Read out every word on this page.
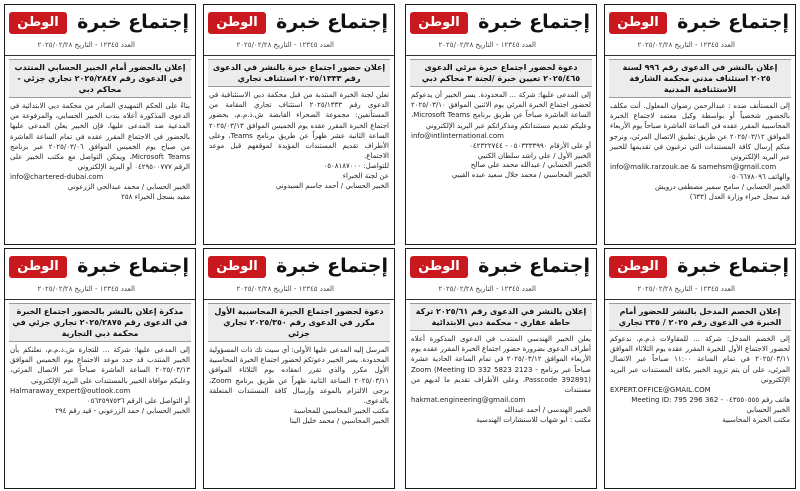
إجتماع خبرة
الوطن
العدد ١٢٣٤٥ - التاريخ ٢٠٢٥/٠٢/٢٨
إعلان بالنشر في الدعوى رقم ٩٩٦ لسنة ٢٠٢٥ استئناف مدني محكمة الشارقة الاستئنافية المدنية

إلى المستأنف ضده : عبدالرحمن رضوان المعلول. أنت مكلف بالحضور شخصياً أو بواسطة وكيل معتمد لاجتماع الخبرة المحاسبية المقرر عقده في الساعة العاشرة صباحاً يوم الأربعاء الموافق ٢٠٢٥/٠٣/١٢ عن طريق تطبيق الاتصال المرئي، ونرجو منكم إرسال كافة المستندات التي ترغبون في تقديمها للخبير عبر البريد الإلكتروني

info@malik.rarzouk.ae & samehsm@gmail.com
والهاتف ٠٥٠٦٦٧٨٠٩٦
الخبير الحسابي / سامح سمير مصطفى درويش
قيد سجل خبراء وزارة العدل (٦٣٣)
إجتماع خبرة
الوطن
العدد ١٢٣٤٥ - التاريخ ٢٠٢٥/٠٢/٢٨
دعوة لحضور اجتماع خبرة مرئي الدعوى ٢٠٢٥/٤٦٥ تعيين خبرة /لجنة ٣ محاكم دبي

إلى المدعى عليها: شركة ... المحدودة. يسر الخبير أن يدعوكم لحضور اجتماع الخبرة المرئي يوم الاثنين الموافق ٢٠٢٥/٠٣/١٠ الساعة العاشرة صباحاً عن طريق برنامج Microsoft Teams، وعليكم تقديم مستنداتكم ومذكراتكم عبر البريد الإلكتروني

info@intlinternational.com
أو على الأرقام ٠٥٠٣٣٣٣٩٩٠ - ٠٤٢٣٢٢٧٤٤
الخبير الأول / علي راشد سلطان الكتبي
الخبير الحسابي / عبدالله محمد علي صالح
الخبير المحاسبي / محمد جلال سعيد عبده القيبي
إجتماع خبرة
الوطن
العدد ١٢٣٤٥ - التاريخ ٢٠٢٥/٠٢/٢٨
إعلان حضور اجتماع خبرة بالنشر في الدعوى رقم ٢٠٢٥/١٣٣٣ استئناف تجاري

تعلن لجنة الخبرة المنتدبة من قبل محكمة دبي الاستئنافية في الدعوى رقم ٢٠٢٥/١٣٣٣ استئناف تجاري المقامة من المستأنفين: مجموعة الصحراء القابضة ش.ذ.م.م، بحضور اجتماع الخبرة المقرر عقده يوم الخميس الموافق ٢٠٢٥/٠٣/١٣ الساعة الثانية عشر ظهراً عن طريق برنامج Teams، وعلى الأطراف تقديم المستندات المؤيدة لموقفهم قبل موعد الاجتماع.

للتواصل: ٠٥٠٨١٨٧٠٠٠
عن لجنة الخبراء
الخبير الحسابي / أحمد جاسم السيدوني
إجتماع خبرة
الوطن
العدد ١٢٣٤٥ - التاريخ ٢٠٢٥/٠٢/٢٨
إعلان بالحضور أمام الخبير الحسابي المنتدب في الدعوى رقم ٢٠٢٥/٢٨٤٧ تجاري جزئي - محاكم دبي

بناءً على الحكم التمهيدي الصادر من محكمة دبي الابتدائية في الدعوى المذكورة أعلاه بندب الخبير الحسابي، والمرفوعة من المدعية ضد المدعى عليها، فإن الخبير يعلن المدعى عليها بالحضور في الاجتماع المقرر عقده في تمام الساعة العاشرة من صباح يوم الخميس الموافق ٢٠٢٥/٠٣/٠٦ عبر برنامج Microsoft Teams، ويمكن التواصل مع مكتب الخبير على الرقم ٠٤٢٩٥٠٠٧٧٧ أو البريد الإلكتروني

info@chartered-dubai.com
الخبير الحسابي / محمد عبدالحي الزرعوني
مقيد بسجل الخبراء ٢٥٨
إجتماع خبرة
الوطن
العدد ١٢٣٤٥ - التاريخ ٢٠٢٥/٠٢/٢٨
إعلان الخصم المدخل بالنشر للحضور أمام الخبرة في الدعوى رقم ٢٠٢٥ / ٢٣٥ تجاري

إلى الخصم المدخل: شركة ... للمقاولات ذ.م.م، ندعوكم لحضور الاجتماع الأول للخبرة المقرر عقده يوم الثلاثاء الموافق ٢٠٢٥/٠٣/١١ في تمام الساعة ١١:٠٠ صباحاً عبر الاتصال المرئي، على أن يتم تزويد الخبير بكافة المستندات عبر البريد الإلكتروني

EXPERT.OFFICE@GMAIL.COM
هاتف رقم ٠٤٣٥٥٠٥٥٥ - Meeting ID: 795 296 362
الخبير الحسابي
مكتب الخبرة المحاسبية
إجتماع خبرة
الوطن
العدد ١٢٣٤٥ - التاريخ ٢٠٢٥/٠٢/٢٨
إعلان بالنشر في الدعوى رقم ٢٠٢٥/٦١ تركة حاطة عقاري - محكمة دبي الابتدائية

يعلن الخبير الهندسي المنتدب في الدعوى المذكورة أعلاه أطراف الدعوى بضرورة حضور اجتماع الخبرة المقرر عقده يوم الأربعاء الموافق ٢٠٢٥/٠٣/١٢ في تمام الساعة الحادية عشرة صباحاً عبر برنامج Zoom (Meeting ID 332 5823 2123 - Passcode 392891)، وعلى الأطراف تقديم ما لديهم من مستندات

hakmat.engineering@gmail.com
الخبير الهندسي / أحمد عبدالله
مكتب : ابو شهاب للاستشارات الهندسية
إجتماع خبرة
الوطن
العدد ١٢٣٤٥ - التاريخ ٢٠٢٥/٠٢/٢٨
دعوة لحضور اجتماع الخبرة المحاسبية الأول مكرر في الدعوى رقم ٢٠٢٥/٣٥٠ تجاري جزئي

المرسل إليه المدعى عليها الأولى: أي سيت تك ذات المسؤولية المحدودة. يسر الخبير دعوتكم لحضور اجتماع الخبرة المحاسبية الأول مكرر والذي تقرر انعقاده يوم الثلاثاء الموافق ٢٠٢٥/٠٣/١١ الساعة الثانية ظهراً عن طريق برنامج Zoom، يرجى الالتزام بالموعد وإرسال كافة المستندات المتعلقة بالدعوى.

مكتب الخبير المحاسبي للمحاسبة
الخبير المحاسبي / محمد خليل البنا
إجتماع خبرة
الوطن
العدد ١٢٣٤٥ - التاريخ ٢٠٢٥/٠٢/٢٨
مذكرة إعلان بالنشر بالحضور اجتماع الخبرة في الدعوى رقم ٢٠٢٥/٢٨٧٥ تجاري جزئي في محكمة دبي التجارية

إلى المدعى عليها: شركة ... للتجارة ش.ذ.م.م، نعلنكم بأن الخبير المنتدب قد حدد موعد الاجتماع يوم الخميس الموافق ٢٠٢٥/٠٣/١٣ الساعة العاشرة صباحاً عبر الاتصال المرئي، وعليكم موافاة الخبير بالمستندات على البريد الإلكتروني

Halmaraway_expert@outlook.com
أو التواصل على الرقم ٠٥٦٢٥٩٧٥٣٦
الخبير الحسابي / حمد الزرعوني - قيد رقم ٢٩٤
